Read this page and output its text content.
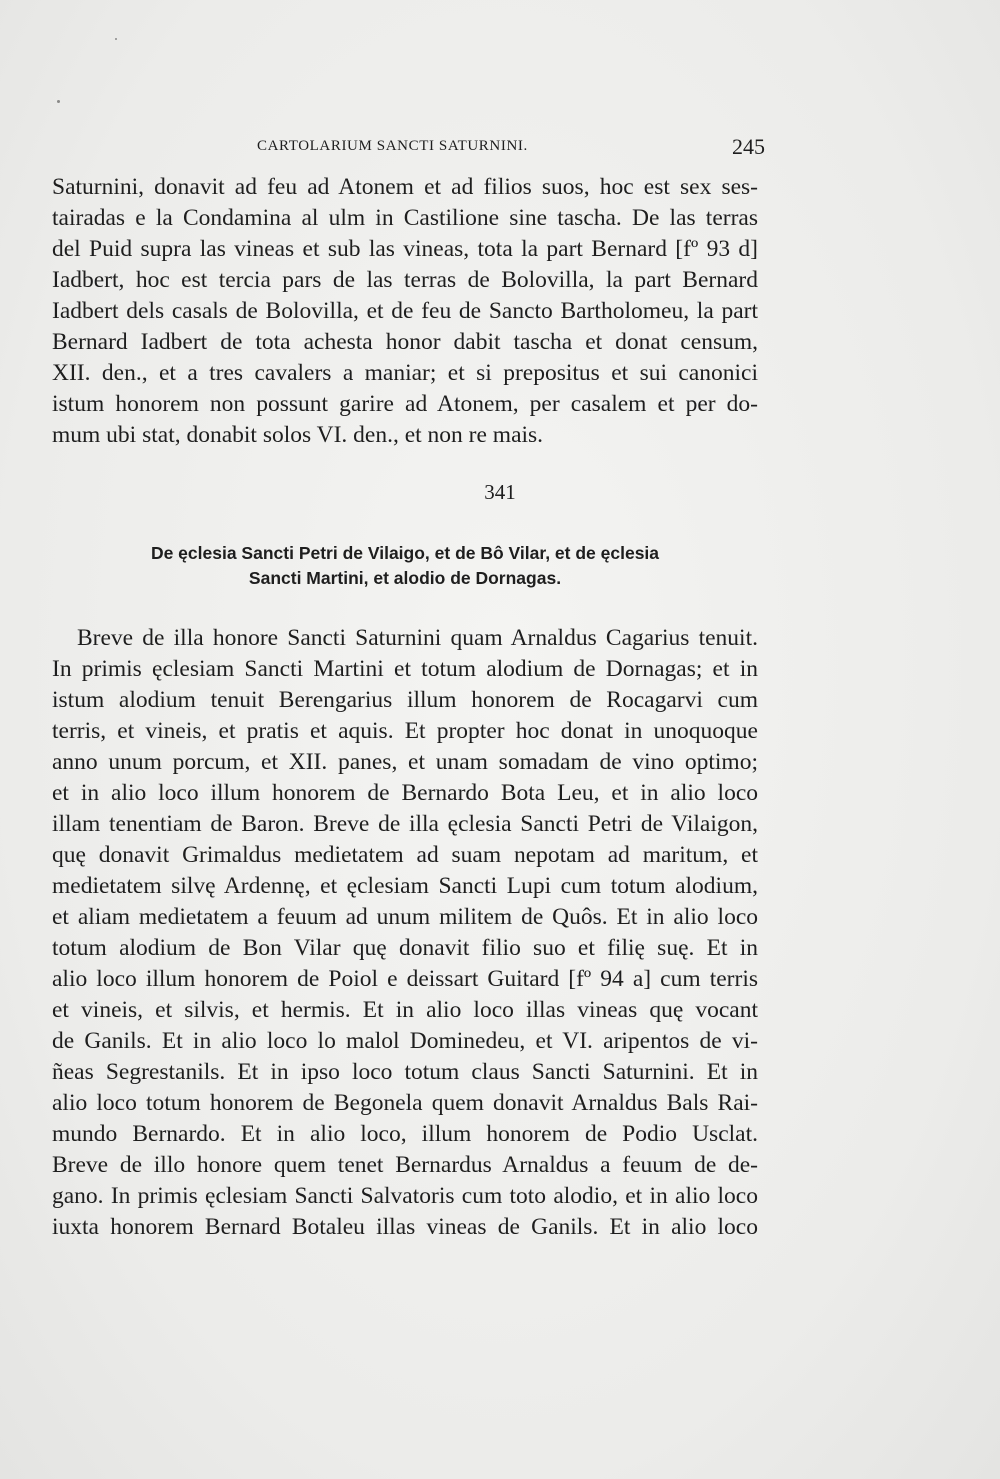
CARTOLARIUM SANCTI SATURNINI.	245
Saturnini, donavit ad feu ad Atonem et ad filios suos, hoc est sex ses-
tairadas e la Condamina al ulm in Castilione sine tascha. De las terras
del Puid supra las vineas et sub las vineas, tota la part Bernard [fº 93 d]
Iadbert, hoc est tercia pars de las terras de Bolovilla, la part Bernard
Iadbert dels casals de Bolovilla, et de feu de Sancto Bartholomeu, la part
Bernard Iadbert de tota achesta honor dabit tascha et donat censum,
XII. den., et a tres cavalers a maniar; et si prepositus et sui canonici
istum honorem non possunt garire ad Atonem, per casalem et per do-
mum ubi stat, donabit solos VI. den., et non re mais.
341
De ęclesia Sancti Petri de Vilaigo, et de Bô Vilar, et de ęclesia
Sancti Martini, et alodio de Dornagas.
Breve de illa honore Sancti Saturnini quam Arnaldus Cagarius tenuit.
In primis ęclesiam Sancti Martini et totum alodium de Dornagas; et in
istum alodium tenuit Berengarius illum honorem de Rocagarvi cum
terris, et vineis, et pratis et aquis. Et propter hoc donat in unoquoque
anno unum porcum, et XII. panes, et unam somadam de vino optimo;
et in alio loco illum honorem de Bernardo Bota Leu, et in alio loco
illam tenentiam de Baron. Breve de illa ęclesia Sancti Petri de Vilaigon,
quę donavit Grimaldus medietatem ad suam nepotam ad maritum, et
medietatem silvę Ardennę, et ęclesiam Sancti Lupi cum totum alodium,
et aliam medietatem a feuum ad unum militem de Quôs. Et in alio loco
totum alodium de Bon Vilar quę donavit filio suo et filię suę. Et in
alio loco illum honorem de Poiol e deissart Guitard [fº 94 a] cum terris
et vineis, et silvis, et hermis. Et in alio loco illas vineas quę vocant
de Ganils. Et in alio loco lo malol Dominedeu, et VI. aripentos de vi-
ñeas Segrestanils. Et in ipso loco totum claus Sancti Saturnini. Et in
alio loco totum honorem de Begonela quem donavit Arnaldus Bals Rai-
mundo Bernardo. Et in alio loco, illum honorem de Podio Usclat.
Breve de illo honore quem tenet Bernardus Arnaldus a feuum de de-
gano. In primis ęclesiam Sancti Salvatoris cum toto alodio, et in alio loco
iuxta honorem Bernard Botaleu illas vineas de Ganils. Et in alio loco
